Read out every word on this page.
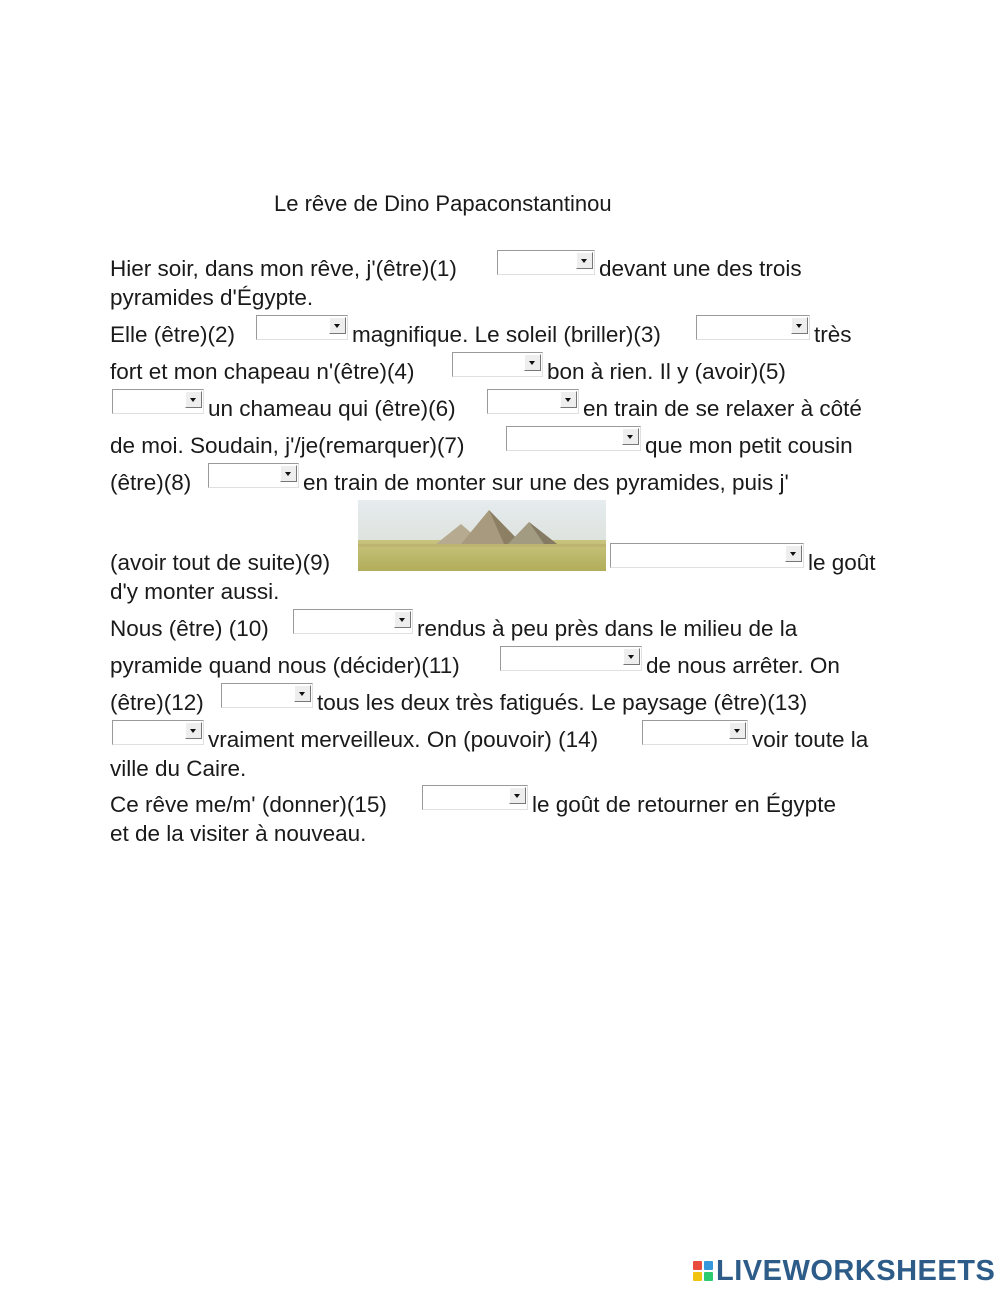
Le rêve de Dino Papaconstantinou
Hier soir, dans mon rêve, j'(être)(1)	devant une des trois
pyramides d'Égypte.
Elle (être)(2)	magnifique. Le soleil (briller)(3)	très
fort et mon chapeau n'(être)(4)	bon à rien. Il y (avoir)(5)
un chameau qui (être)(6)	en train de se relaxer à côté
de moi. Soudain, j'/je(remarquer)(7)	que mon petit cousin
(être)(8)	en train de monter sur une des pyramides, puis j'
(avoir tout de suite)(9)	le goût
d'y monter aussi.
Nous (être) (10)	rendus à peu près dans le milieu de la
pyramide quand nous (décider)(11)	de nous arrêter. On
(être)(12)	tous les deux très fatigués. Le paysage (être)(13)
vraiment merveilleux. On (pouvoir) (14)	voir toute la
ville du Caire.
Ce rêve me/m' (donner)(15)	le goût de retourner en Égypte
et de la visiter à nouveau.
LIVEWORKSHEETS
